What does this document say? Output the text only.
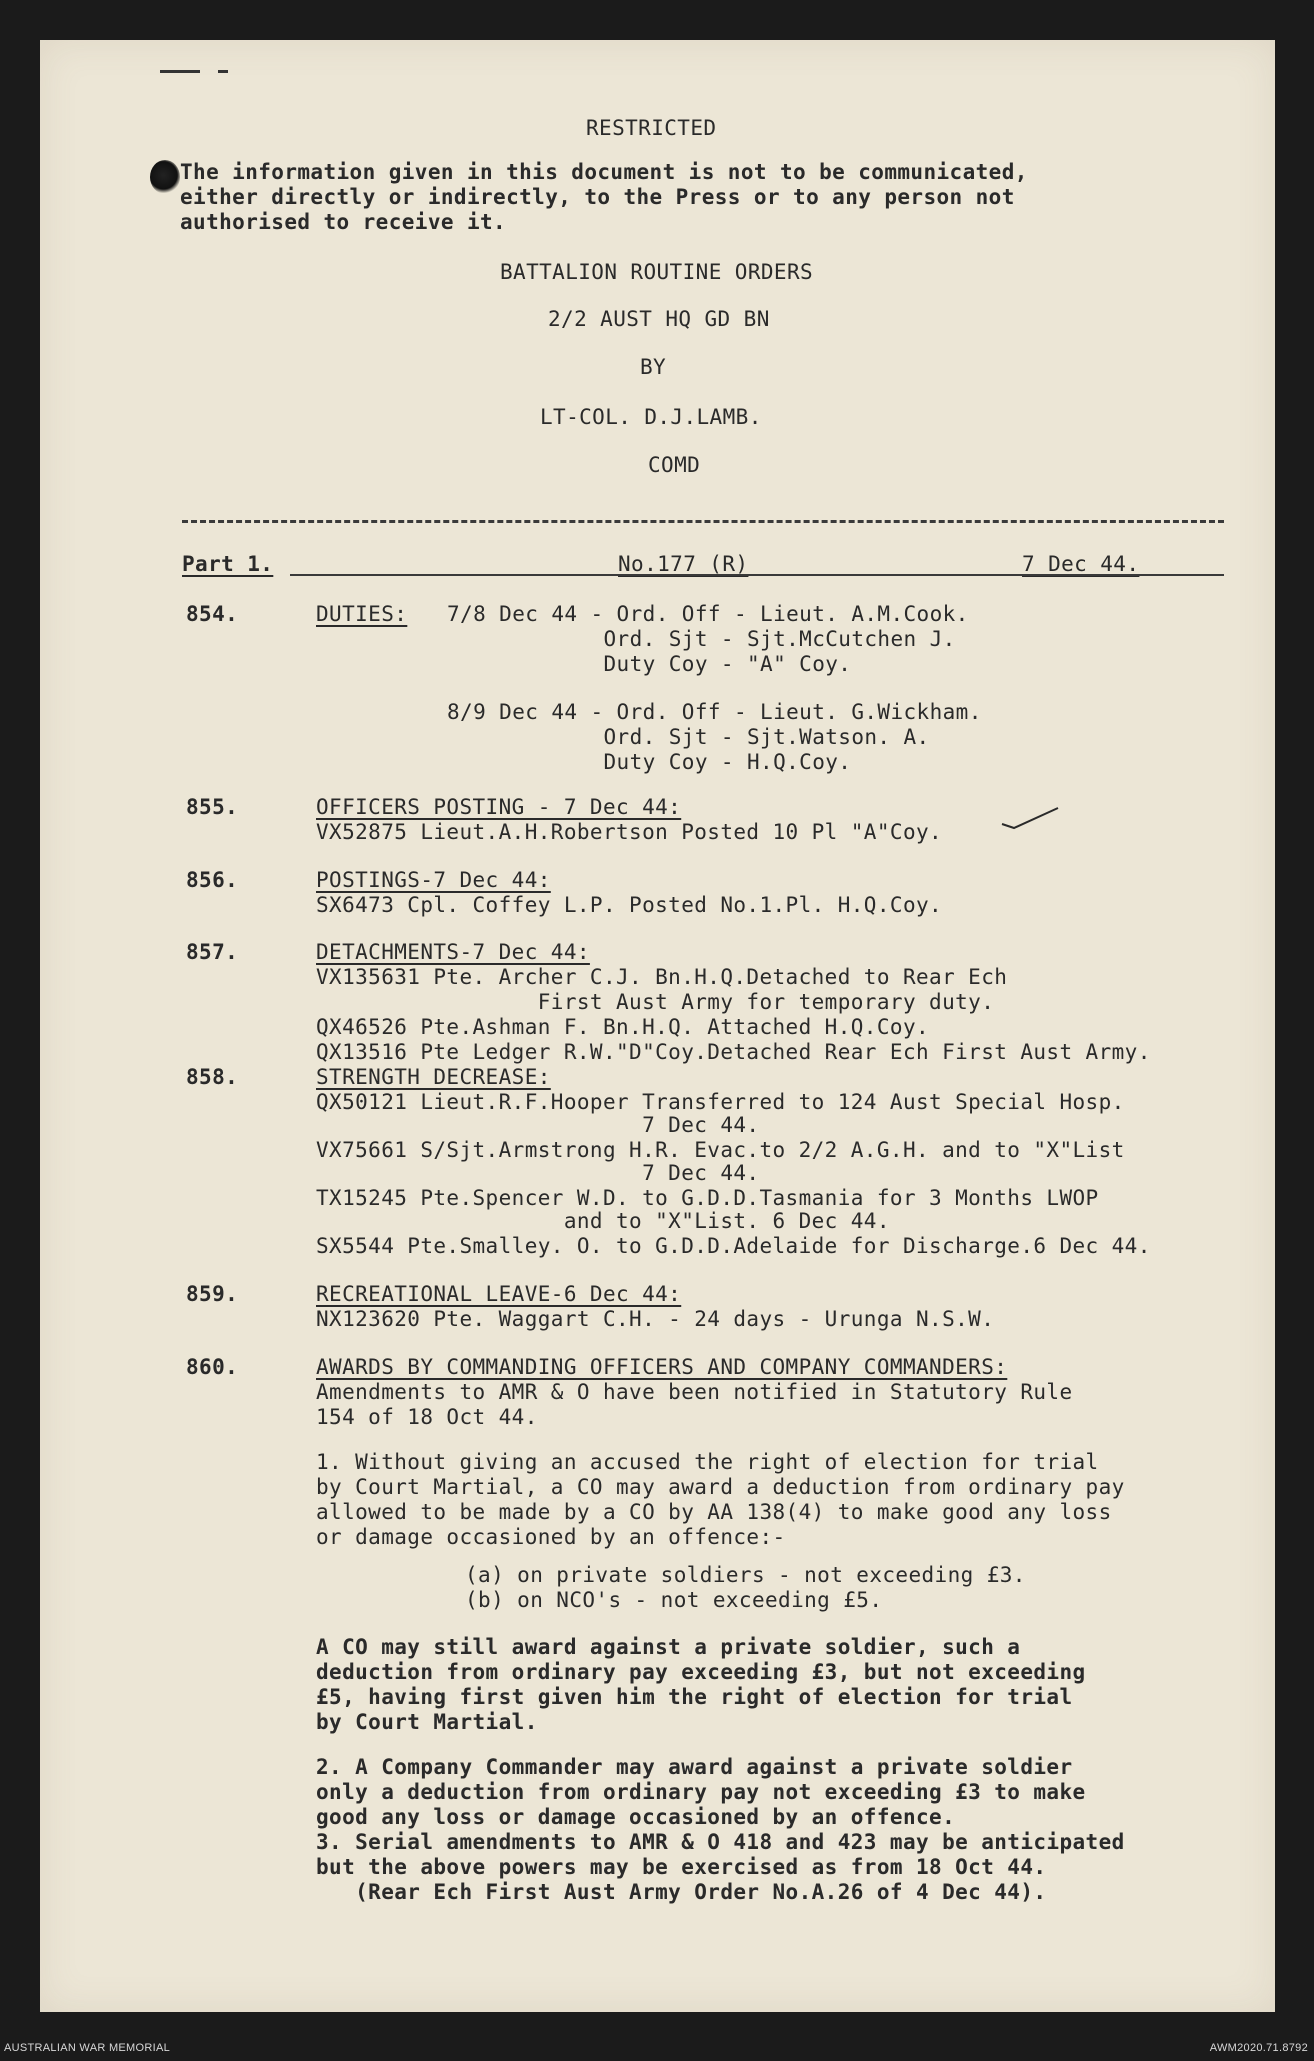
RESTRICTED
The information given in this document is not to be communicated,
either directly or indirectly, to the Press or to any person not
authorised to receive it.
BATTALION ROUTINE ORDERS
2/2 AUST HQ GD BN
BY
LT-COL. D.J.LAMB.
COMD
Part 1.	No.177 (R)	7 Dec 44.
854.	DUTIES: 7/8 Dec 44 - Ord. Off - Lieut. A.M.Cook.
Ord. Sjt - Sjt.McCutchen J.
Duty Coy - "A" Coy.
8/9 Dec 44 - Ord. Off - Lieut. G.Wickham.
Ord. Sjt - Sjt.Watson. A.
Duty Coy - H.Q.Coy.
855.	OFFICERS POSTING - 7 Dec 44:
VX52875 Lieut.A.H.Robertson Posted 10 Pl "A"Coy.
856.	POSTINGS-7 Dec 44:
SX6473 Cpl. Coffey L.P. Posted No.1.Pl. H.Q.Coy.
857.	DETACHMENTS-7 Dec 44:
VX135631 Pte. Archer C.J. Bn.H.Q.Detached to Rear Ech
First Aust Army for temporary duty.
QX46526 Pte.Ashman F. Bn.H.Q. Attached H.Q.Coy.
QX13516 Pte Ledger R.W."D"Coy.Detached Rear Ech First Aust Army.
858.	STRENGTH DECREASE:
QX50121 Lieut.R.F.Hooper Transferred to 124 Aust Special Hosp.
7 Dec 44.
VX75661 S/Sjt.Armstrong H.R. Evac.to 2/2 A.G.H. and to "X"List
7 Dec 44.
TX15245 Pte.Spencer W.D. to G.D.D.Tasmania for 3 Months LWOP
and to "X"List. 6 Dec 44.
SX5544 Pte.Smalley. O. to G.D.D.Adelaide for Discharge.6 Dec 44.
859.	RECREATIONAL LEAVE-6 Dec 44:
NX123620 Pte. Waggart C.H. - 24 days - Urunga N.S.W.
860.	AWARDS BY COMMANDING OFFICERS AND COMPANY COMMANDERS:
Amendments to AMR & O have been notified in Statutory Rule
154 of 18 Oct 44.
1. Without giving an accused the right of election for trial
by Court Martial, a CO may award a deduction from ordinary pay
allowed to be made by a CO by AA 138(4) to make good any loss
or damage occasioned by an offence:-
(a) on private soldiers - not exceeding £3.
(b) on NCO's - not exceeding £5.
A CO may still award against a private soldier, such a
deduction from ordinary pay exceeding £3, but not exceeding
£5, having first given him the right of election for trial
by Court Martial.
2. A Company Commander may award against a private soldier
only a deduction from ordinary pay not exceeding £3 to make
good any loss or damage occasioned by an offence.
3. Serial amendments to AMR & O 418 and 423 may be anticipated
but the above powers may be exercised as from 18 Oct 44.
(Rear Ech First Aust Army Order No.A.26 of 4 Dec 44).
AUSTRALIAN WAR MEMORIAL	AWM2020.71.8792
